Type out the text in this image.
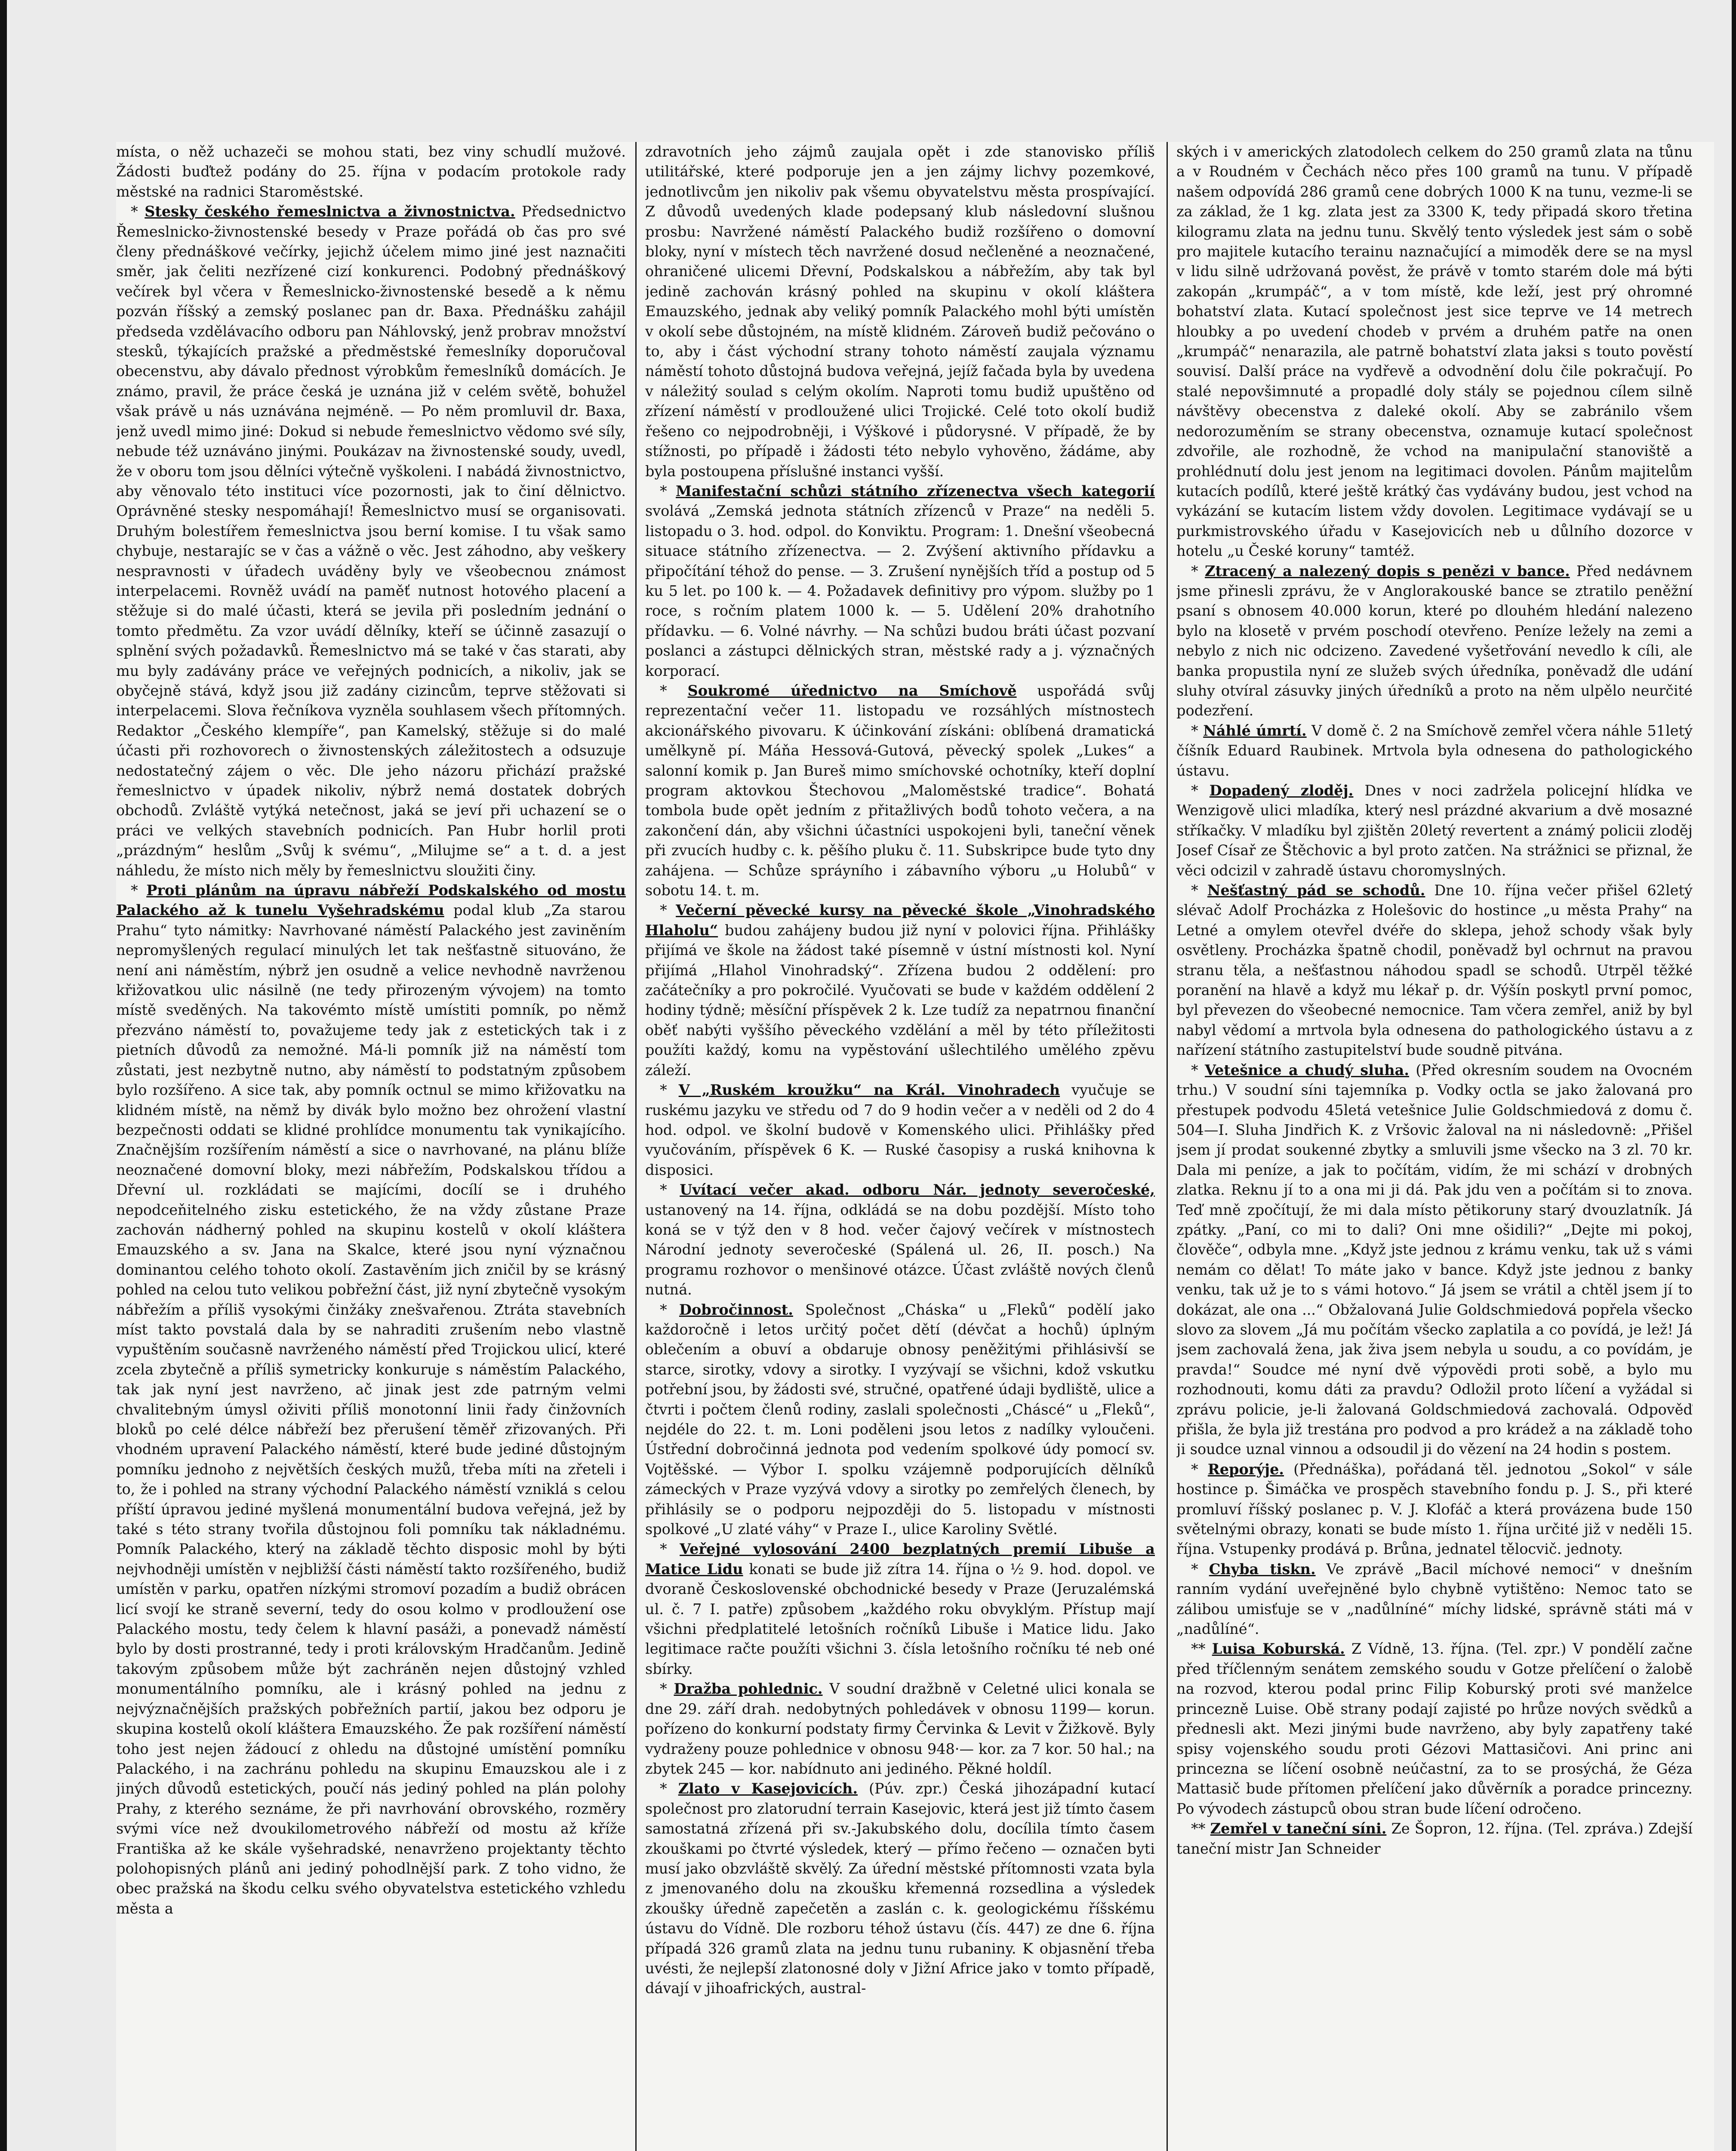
místa, o něž uchazeči se mohou stati, bez viny schudlí mužové. Žádosti buďtež podány do 25. října v podacím protokole rady městské na radnici Staroměstské.

* Stesky českého řemeslnictva a živnostnictva. Předsednictvo Řemeslnicko-živnostenské besedy v Praze pořádá ob čas pro své členy přednáškové večírky, jejichž účelem mimo jiné jest naznačiti směr, jak čeliti nezřízené cizí konkurenci. Podobný přednáškový večírek byl včera v Řemeslnicko-živnostenské besedě a k němu pozván říšský a zemský poslanec pan dr. Baxa. Přednášku zahájil předseda vzdělávacího odboru pan Náhlovský, jenž probrav množství stesků, týkajících pražské a předměstské řemeslníky doporučoval obecenstvu, aby dávalo přednost výrobkům řemeslníků domácích. Je známo, pravil, že práce česká je uznána již v celém světě, bohužel však právě u nás uznávána nejméně. — Po něm promluvil dr. Baxa, jenž uvedl mimo jiné: Dokud si nebude řemeslnictvo vědomo své síly, nebude též uznáváno jinými. Poukázav na živnostenské soudy, uvedl, že v oboru tom jsou dělníci výtečně vyškoleni. I nabádá živnostnictvo, aby věnovalo této instituci více pozornosti, jak to činí dělnictvo. Oprávněné stesky nespomáhají! Řemeslnictvo musí se organisovati. Druhým bolestířem řemeslnictva jsou berní komise. I tu však samo chybuje, nestarajíc se v čas a vážně o věc. Jest záhodno, aby veškery nespravnosti v úřadech uváděny byly ve všeobecnou známost interpelacemi. Rovněž uvádí na paměť nutnost hotového placení a stěžuje si do malé účasti, která se jevila při posledním jednání o tomto předmětu. Za vzor uvádí dělníky, kteří se účinně zasazují o splnění svých požadavků. Řemeslnictvo má se také v čas starati, aby mu byly zadávány práce ve veřejných podnicích, a nikoliv, jak se obyčejně stává, když jsou již zadány cizincům, teprve stěžovati si interpelacemi. Slova řečníkova vyzněla souhlasem všech přítomných. Redaktor „Českého klempíře“, pan Kamelský, stěžuje si do malé účasti při rozhovorech o živnostenských záležitostech a odsuzuje nedostatečný zájem o věc. Dle jeho názoru přichází pražské řemeslnictvo v úpadek nikoliv, nýbrž nemá dostatek dobrých obchodů. Zvláště vytýká netečnost, jaká se jeví při uchazení se o práci ve velkých stavebních podnicích. Pan Hubr horlil proti „prázdným“ heslům „Svůj k svému“, „Milujme se“ a t. d. a jest náhledu, že místo nich měly by řemeslnictvu sloužiti činy.

* Proti plánům na úpravu nábřeží Podskalského od mostu Palackého až k tunelu Vyšehradskému podal klub „Za starou Prahu“ tyto námitky: Navrhované náměstí Palackého jest zaviněním nepromyšlených regulací minulých let tak nešťastně situováno, že není ani náměstím, nýbrž jen osudně a velice nevhodně navrženou křižovatkou ulic násilně (ne tedy přirozeným vývojem) na tomto místě sveděných. Na takovémto místě umístiti pomník, po němž přezváno náměstí to, považujeme tedy jak z estetických tak i z pietních důvodů za nemožné. Má-li pomník již na náměstí tom zůstati, jest nezbytně nutno, aby náměstí to podstatným způsobem bylo rozšířeno. A sice tak, aby pomník octnul se mimo křižovatku na klidném místě, na němž by divák bylo možno bez ohrožení vlastní bezpečnosti oddati se klidné prohlídce monumentu tak vynikajícího. Značnějším rozšířením náměstí a sice o navrhované, na plánu blíže neoznačené domovní bloky, mezi nábřežím, Podskalskou třídou a Dřevní ul. rozkládati se majícími, docílí se i druhého nepodceňitelného zisku estetického, že na vždy zůstane Praze zachován nádherný pohled na skupinu kostelů v okolí kláštera Emauzského a sv. Jana na Skalce, které jsou nyní význačnou dominantou celého tohoto okolí. Zastavěním jich zničil by se krásný pohled na celou tuto velikou pobřežní část, již nyní zbytečně vysokým nábřežím a příliš vysokými činžáky znešvařenou. Ztráta stavebních míst takto povstalá dala by se nahraditi zrušením nebo vlastně vypuštěním současně navrženého náměstí před Trojickou ulicí, které zcela zbytečně a příliš symetricky konkuruje s náměstím Palackého, tak jak nyní jest navrženo, ač jinak jest zde patrným velmi chvalitebným úmysl oživiti příliš monotonní linii řady činžovních bloků po celé délce nábřeží bez přerušení těměř zřizovaných. Při vhodném upravení Palackého náměstí, které bude jediné důstojným pomníku jednoho z největších českých mužů, třeba míti na zřeteli i to, že i pohled na strany východní Palackého náměstí vzniklá s celou příští úpravou jediné myšlená monumentální budova veřejná, jež by také s této strany tvořila důstojnou foli pomníku tak nákladnému. Pomník Palackého, který na základě těchto disposic mohl by býti nejvhodněji umístěn v nejbližší části náměstí takto rozšířeného, budiž umístěn v parku, opatřen nízkými stromoví pozadím a budiž obrácen licí svojí ke straně severní, tedy do osou kolmo v prodloužení ose Palackého mostu, tedy čelem k hlavní pasáži, a ponevadž náměstí bylo by dosti prostranné, tedy i proti královským Hradčanům. Jedině takovým způsobem může být zachráněn nejen důstojný vzhled monumentálního pomníku, ale i krásný pohled na jednu z nejvýznačnějších pražských pobřežních partií, jakou bez odporu je skupina kostelů okolí kláštera Emauzského. Že pak rozšíření náměstí toho jest nejen žádoucí z ohledu na důstojné umístění pomníku Palackého, i na zachránu pohledu na skupinu Emauzskou ale i z jiných důvodů estetických, poučí nás jediný pohled na plán polohy Prahy, z kterého seznáme, že při navrhování obrovského, rozměry svými více než dvoukilometrového nábřeží od mostu až kříže Františka až ke skále vyšehradské, nenavrženo projektanty těchto polohopisných plánů ani jediný pohodlnější park. Z toho vidno, že obec pražská na škodu celku svého obyvatelstva estetického vzhledu města a

zdravotních jeho zájmů zaujala opět i zde stanovisko příliš utilitářské, které podporuje jen a jen zájmy lichvy pozemkové, jednotlivcům jen nikoliv pak všemu obyvatelstvu města prospívající. Z důvodů uvedených klade podepsaný klub následovní slušnou prosbu: Navržené náměstí Palackého budiž rozšířeno o domovní bloky, nyní v místech těch navržené dosud nečleněné a neoznačené, ohraničené ulicemi Dřevní, Podskalskou a nábřežím, aby tak byl jedině zachován krásný pohled na skupinu v okolí kláštera Emauzského, jednak aby veliký pomník Palackého mohl býti umístěn v okolí sebe důstojném, na místě klidném. Zároveň budiž pečováno o to, aby i část východní strany tohoto náměstí zaujala významu náměstí tohoto důstojná budova veřejná, jejíž fačada byla by uvedena v náležitý soulad s celým okolím. Naproti tomu budiž upuštěno od zřízení náměstí v prodloužené ulici Trojické. Celé toto okolí budiž řešeno co nejpodrobněji, i Výškové i půdorysné. V případě, že by stížnosti, po případě i žádosti této nebylo vyhověno, žádáme, aby byla postoupena příslušné instanci vyšší.

* Manifestační schůzi státního zřízenectva všech kategorií svolává „Zemská jednota státních zřízenců v Praze“ na neděli 5. listopadu o 3. hod. odpol. do Konviktu. Program: 1. Dnešní všeobecná situace státního zřízenectva. — 2. Zvýšení aktivního přídavku a připočítání téhož do pense. — 3. Zrušení nynějších tříd a postup od 5 ku 5 let. po 100 k. — 4. Požadavek definitivy pro výpom. služby po 1 roce, s ročním platem 1000 k. — 5. Udělení 20% drahotního přídavku. — 6. Volné návrhy. — Na schůzi budou bráti účast pozvaní poslanci a zástupci dělnických stran, městské rady a j. význačných korporací.

* Soukromé úřednictvo na Smíchově uspořádá svůj reprezentační večer 11. listopadu ve rozsáhlých místnostech akcionářského pivovaru. K účinkování získáni: oblíbená dramatická umělkyně pí. Máňa Hessová-Gutová, pěvecký spolek „Lukes“ a salonní komik p. Jan Bureš mimo smíchovské ochotníky, kteří doplní program aktovkou Štechovou „Maloměstské tradice“. Bohatá tombola bude opět jedním z přitažlivých bodů tohoto večera, a na zakončení dán, aby všichni účastníci uspokojeni byli, taneční věnek při zvucích hudby c. k. pěšího pluku č. 11. Subskripce bude tyto dny zahájena. — Schůze spráyního i zábavního výboru „u Holubů“ v sobotu 14. t. m.

* Večerní pěvecké kursy na pěvecké škole „Vinohradského Hlaholu“ budou zahájeny budou již nyní v polovici října. Přihlášky přijímá ve škole na žádost také písemně v ústní místnosti kol. Nyní přijímá „Hlahol Vinohradský“. Zřízena budou 2 oddělení: pro začátečníky a pro pokročilé. Vyučovati se bude v každém oddělení 2 hodiny týdně; měsíční příspěvek 2 k. Lze tudíž za nepatrnou finanční oběť nabýti vyššího pěveckého vzdělání a měl by této příležitosti použíti každý, komu na vypěstování ušlechtilého umělého zpěvu záleží.

* V „Ruském kroužku“ na Král. Vinohradech vyučuje se ruskému jazyku ve středu od 7 do 9 hodin večer a v neděli od 2 do 4 hod. odpol. ve školní budově v Komenského ulici. Přihlášky před vyučováním, příspěvek 6 K. — Ruské časopisy a ruská knihovna k disposici.

* Uvítací večer akad. odboru Nár. jednoty severočeské, ustanovený na 14. října, odkládá se na dobu pozdější. Místo toho koná se v týž den v 8 hod. večer čajový večírek v místnostech Národní jednoty severočeské (Spálená ul. 26, II. posch.) Na programu rozhovor o menšinové otázce. Účast zvláště nových členů nutná.

* Dobročinnost. Společnost „Cháska“ u „Fleků“ podělí jako každoročně i letos určitý počet dětí (dévčat a hochů) úplným oblečením a obuví a obdaruje obnosy peněžitými přihlásivší se starce, sirotky, vdovy a sirotky. I vyzývají se všichni, kdož vskutku potřební jsou, by žádosti své, stručné, opatřené údaji bydliště, ulice a čtvrti i počtem členů rodiny, zaslali společnosti „Cháscé“ u „Fleků“, nejdéle do 22. t. m. Loni poděleni jsou letos z nadílky vyloučeni. Ústřední dobročinná jednota pod vedením spolkové údy pomocí sv. Vojtěšské. — Výbor I. spolku vzájemně podporujících dělníků zámeckých v Praze vyzývá vdovy a sirotky po zemřelých členech, by přihlásily se o podporu nejpozději do 5. listopadu v místnosti spolkové „U zlaté váhy“ v Praze I., ulice Karoliny Světlé.

* Veřejné vylosování 2400 bezplatných premií Libuše a Matice Lidu konati se bude již zítra 14. října o ½ 9. hod. dopol. ve dvoraně Československé obchodnické besedy v Praze (Jeruzalémská ul. č. 7 I. patře) způsobem „každého roku obvyklým. Přístup mají všichni předplatitelé letošních ročníků Libuše i Matice lidu. Jako legitimace račte použíti všichni 3. čísla letošního ročníku té neb oné sbírky.

* Dražba pohlednic. V soudní dražbně v Celetné ulici konala se dne 29. září drah. nedobytných pohledávek v obnosu 1199— korun. pořízeno do konkurní podstaty firmy Červinka & Levit v Žižkově. Byly vydraženy pouze pohlednice v obnosu 948·— kor. za 7 kor. 50 hal.; na zbytek 245 — kor. nabídnuto ani jediného. Pěkné holdíl.

* Zlato v Kasejovicích. (Púv. zpr.) Česká jihozápadní kutací společnost pro zlatorudní terrain Kasejovic, která jest již tímto časem samostatná zřízená při sv.-Jakubského dolu, docílila tímto časem zkouškami po čtvrté výsledek, který — přímo řečeno — označen byti musí jako obzvláště skvělý. Za úřední městské přítomnosti vzata byla z jmenovaného dolu na zkoušku křemenná rozsedlina a výsledek zkoušky úředně zapečetěn a zaslán c. k. geologickému říšskému ústavu do Vídně. Dle rozboru téhož ústavu (čís. 447) ze dne 6. října případá 326 gramů zlata na jednu tunu rubaniny. K objasnění třeba uvésti, že nejlepší zlatonosné doly v Jižní Africe jako v tomto případě, dávají v jihoafrických, austral-

ských i v amerických zlatodolech celkem do 250 gramů zlata na tůnu a v Roudném v Čechách něco přes 100 gramů na tunu. V případě našem odpovídá 286 gramů cene dobrých 1000 K na tunu, vezme-li se za základ, že 1 kg. zlata jest za 3300 K, tedy připadá skoro třetina kilogramu zlata na jednu tunu. Skvělý tento výsledek jest sám o sobě pro majitele kutacího terainu naznačující a mimoděk dere se na mysl v lidu silně udržovaná pověst, že právě v tomto starém dole má býti zakopán „krumpáč“, a v tom místě, kde leží, jest prý ohromné bohatství zlata. Kutací společnost jest sice teprve ve 14 metrech hloubky a po uvedení chodeb v prvém a druhém patře na onen „krumpáč“ nenarazila, ale patrně bohatství zlata jaksi s touto pověstí souvisí. Další práce na vydřevě a odvodnění dolu čile pokračují. Po stalé nepovšimnuté a propadlé doly stály se pojednou cílem silně návštěvy obecenstva z daleké okolí. Aby se zabránilo všem nedorozuměním se strany obecenstva, oznamuje kutací společnost zdvořile, ale rozhodně, že vchod na manipulační stanoviště a prohlédnutí dolu jest jenom na legitimaci dovolen. Pánům majitelům kutacích podílů, které ještě krátký čas vydávány budou, jest vchod na vykázání se kutacím listem vždy dovolen. Legitimace vydávají se u purkmistrovského úřadu v Kasejovicích neb u důlního dozorce v hotelu „u České koruny“ tamtéž.

* Ztracený a nalezený dopis s penězi v bance. Před nedávnem jsme přinesli zprávu, že v Anglorakouské bance se ztratilo peněžní psaní s obnosem 40.000 korun, které po dlouhém hledání nalezeno bylo na klosetě v prvém poschodí otevřeno. Peníze ležely na zemi a nebylo z nich nic odcizeno. Zavedené vyšetřování nevedlo k cíli, ale banka propustila nyní ze služeb svých úředníka, poněvadž dle udání sluhy otvíral zásuvky jiných úředníků a proto na něm ulpělo neurčité podezření.

* Náhlé úmrtí. V domě č. 2 na Smíchově zemřel včera náhle 51letý číšník Eduard Raubinek. Mrtvola byla odnesena do pathologického ústavu.

* Dopadený zloděj. Dnes v noci zadržela policejní hlídka ve Wenzigově ulici mladíka, který nesl prázdné akvarium a dvě mosazné stříkačky. V mladíku byl zjištěn 20letý revertent a známý policii zloděj Josef Císař ze Štěchovic a byl proto zatčen. Na strážnici se přiznal, že věci odcizil v zahradě ústavu choromyslných.

* Nešťastný pád se schodů. Dne 10. října večer přišel 62letý slévač Adolf Procházka z Holešovic do hostince „u města Prahy“ na Letné a omylem otevřel dvéře do sklepa, jehož schody však byly osvětleny. Procházka špatně chodil, poněvadž byl ochrnut na pravou stranu těla, a nešťastnou náhodou spadl se schodů. Utrpěl těžké poranění na hlavě a když mu lékař p. dr. Výšín poskytl první pomoc, byl převezen do všeobecné nemocnice. Tam včera zemřel, aniž by byl nabyl vědomí a mrtvola byla odnesena do pathologického ústavu a z nařízení státního zastupitelství bude soudně pitvána.

* Vetešnice a chudý sluha. (Před okresním soudem na Ovocném trhu.) V soudní síni tajemníka p. Vodky octla se jako žalovaná pro přestupek podvodu 45letá vetešnice Julie Goldschmiedová z domu č. 504—I. Sluha Jindřich K. z Vršovic žaloval na ni následovně: „Přišel jsem jí prodat soukenné zbytky a smluvili jsme všecko na 3 zl. 70 kr. Dala mi peníze, a jak to počítám, vidím, že mi schází v drobných zlatka. Reknu jí to a ona mi ji dá. Pak jdu ven a počítám si to znova. Teď mně zpočítují, že mi dala místo pětikoruny starý dvouzlatník. Já zpátky. „Paní, co mi to dali? Oni mne ošidili?“ „Dejte mi pokoj, člověče“, odbyla mne. „Když jste jednou z krámu venku, tak už s vámi nemám co dělat! To máte jako v bance. Když jste jednou z banky venku, tak už je to s vámi hotovo.“ Já jsem se vrátil a chtěl jsem jí to dokázat, ale ona ...“ Obžalovaná Julie Goldschmiedová popřela všecko slovo za slovem „Já mu počítám všecko zaplatila a co povídá, je lež! Já jsem zachovalá žena, jak živa jsem nebyla u soudu, a co povídám, je pravda!“ Soudce mé nyní dvě výpovědi proti sobě, a bylo mu rozhodnouti, komu dáti za pravdu? Odložil proto líčení a vyžádal si zprávu policie, je-li žalovaná Goldschmiedová zachovalá. Odpověď přišla, že byla již trestána pro podvod a pro krádež a na základě toho ji soudce uznal vinnou a odsoudil ji do vězení na 24 hodin s postem.

* Reporýje. (Přednáška), pořádaná těl. jednotou „Sokol“ v sále hostince p. Šimáčka ve prospěch stavebního fondu p. J. S., při které promluví říšský poslanec p. V. J. Klofáč a která provázena bude 150 světelnými obrazy, konati se bude místo 1. října určité již v neděli 15. října. Vstupenky prodává p. Brůna, jednatel tělocvič. jednoty.

* Chyba tiskn. Ve zprávě „Bacil míchové nemoci“ v dnešním ranním vydání uveřejněné bylo chybně vytištěno: Nemoc tato se zálibou umisťuje se v „nadůlníné“ míchy lidské, správně státi má v „nadůlíné“.

** Luisa Koburská. Z Vídně, 13. října. (Tel. zpr.) V pondělí začne před tříčlenným senátem zemského soudu v Gotze přelíčení o žalobě na rozvod, kterou podal princ Filip Koburský proti své manželce princezně Luise. Obě strany podají zajisté po hrůze nových svědků a přednesli akt. Mezi jinými bude navrženo, aby byly zapatřeny také spisy vojenského soudu proti Gézovi Mattasičovi. Ani princ ani princezna se líčení osobně neúčastní, za to se prosýchá, že Géza Mattasič bude přítomen přelíčení jako důvěrník a poradce princezny. Po vývodech zástupců obou stran bude líčení odročeno.

** Zemřel v taneční síni. Ze Šopron, 12. října. (Tel. zpráva.) Zdejší taneční mistr Jan Schneider
